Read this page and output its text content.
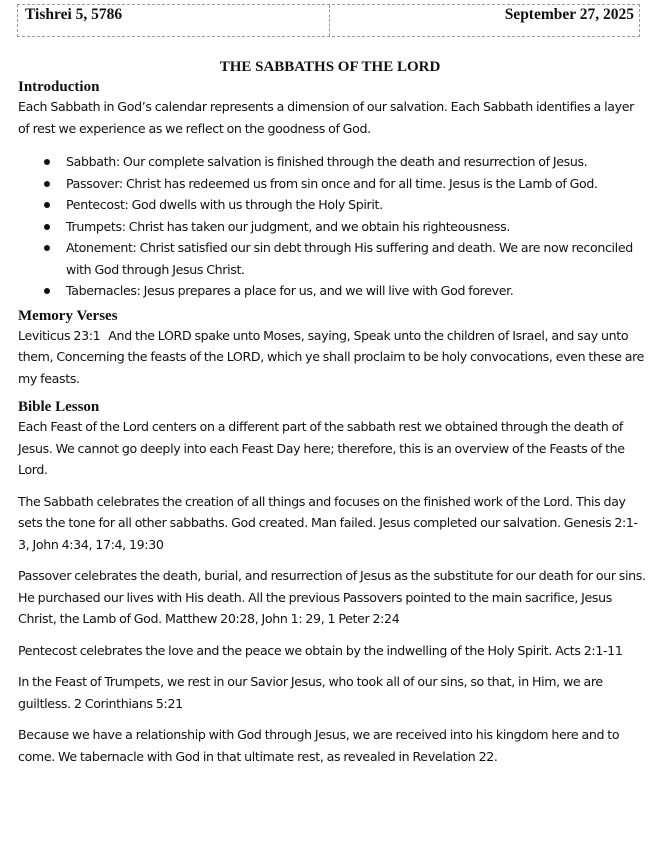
Tishrei 5, 5786	September 27, 2025
THE SABBATHS OF THE LORD
Introduction

Each Sabbath in God’s calendar represents a dimension of our salvation. Each Sabbath identifies a layer of rest we experience as we reflect on the goodness of God.

Sabbath: Our complete salvation is finished through the death and resurrection of Jesus.
Passover: Christ has redeemed us from sin once and for all time. Jesus is the Lamb of God.
Pentecost: God dwells with us through the Holy Spirit.
Trumpets: Christ has taken our judgment, and we obtain his righteousness.
Atonement: Christ satisfied our sin debt through His suffering and death. We are now reconciled with God through Jesus Christ.
Tabernacles: Jesus prepares a place for us, and we will live with God forever.
Memory Verses

Leviticus 23:1 And the LORD spake unto Moses, saying, Speak unto the children of Israel, and say unto them, Concerning the feasts of the LORD, which ye shall proclaim to be holy convocations, even these are my feasts.

Bible Lesson

Each Feast of the Lord centers on a different part of the sabbath rest we obtained through the death of Jesus. We cannot go deeply into each Feast Day here; therefore, this is an overview of the Feasts of the Lord.

The Sabbath celebrates the creation of all things and focuses on the finished work of the Lord. This day sets the tone for all other sabbaths. God created. Man failed. Jesus completed our salvation. Genesis 2:1-3, John 4:34, 17:4, 19:30

Passover celebrates the death, burial, and resurrection of Jesus as the substitute for our death for our sins. He purchased our lives with His death. All the previous Passovers pointed to the main sacrifice, Jesus Christ, the Lamb of God. Matthew 20:28, John 1: 29, 1 Peter 2:24

Pentecost celebrates the love and the peace we obtain by the indwelling of the Holy Spirit. Acts 2:1-11

In the Feast of Trumpets, we rest in our Savior Jesus, who took all of our sins, so that, in Him, we are guiltless. 2 Corinthians 5:21

Because we have a relationship with God through Jesus, we are received into his kingdom here and to come. We tabernacle with God in that ultimate rest, as revealed in Revelation 22.
